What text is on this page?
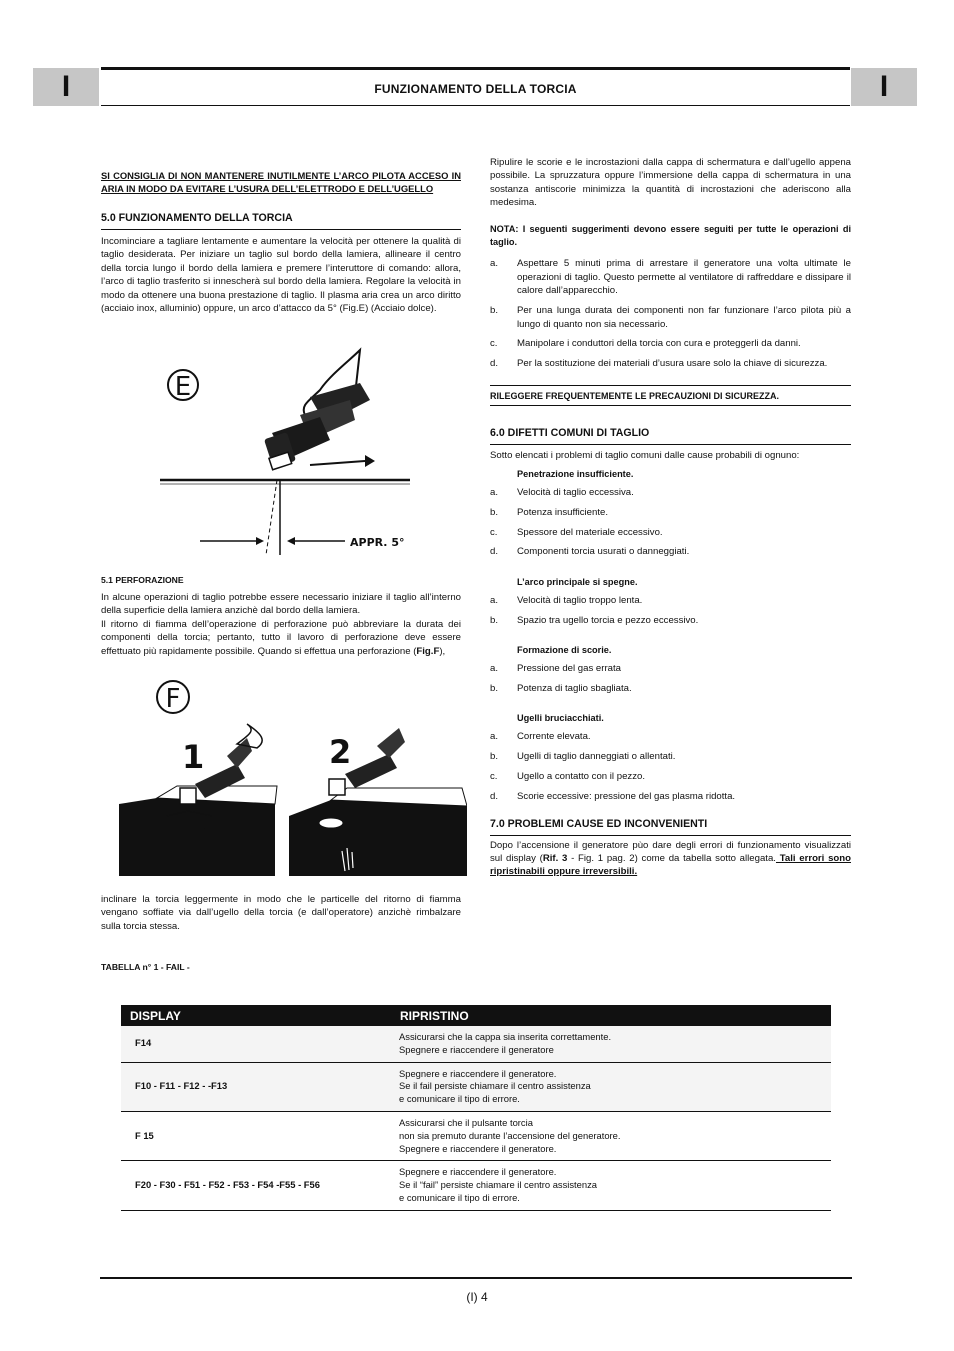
I	FUNZIONAMENTO DELLA TORCIA	I
SI CONSIGLIA DI NON MANTENERE INUTILMENTE L’ARCO PILOTA ACCESO IN ARIA IN MODO DA EVITARE L’USURA DELL’ELETTRODO E DELL’UGELLO
5.0 FUNZIONAMENTO DELLA TORCIA
Incominciare a tagliare lentamente e aumentare la velocità per ottenere la qualità di taglio desiderata. Per iniziare un taglio sul bordo della lamiera, allineare il centro della torcia lungo il bordo della lamiera e premere l’interuttore di comando: allora, l’arco di taglio trasferito si innescherà sul bordo della lamiera. Regolare la velocità in modo da ottenere una buona prestazione di taglio. Il plasma aria crea un arco diritto (acciaio inox, alluminio) oppure, un arco d’attacco da 5° (Fig.E) (Acciaio dolce).
E
APPR. 5°
5.1 PERFORAZIONE
In alcune operazioni di taglio potrebbe essere necessario iniziare il taglio all’interno della superficie della lamiera anzichè dal bordo della lamiera.
Il ritorno di fiamma dell’operazione di perforazione può abbreviare la durata dei componenti della torcia; pertanto, tutto il lavoro di perforazione deve essere effettuato più rapidamente possibile. Quando si effettua una perforazione (Fig.F),
F
1	2
inclinare la torcia leggermente in modo che le particelle del ritorno di fiamma vengano soffiate via dall’ugello della torcia (e dall’operatore) anzichè rimbalzare sulla torcia stessa.
TABELLA n° 1 - FAIL -
Ripulire le scorie e le incrostazioni dalla cappa di schermatura e dall’ugello appena possibile. La spruzzatura oppure l’immersione della cappa di schermatura in una sostanza antiscorie minimizza la quantità di incrostazioni che aderiscono alla medesima.
NOTA: I seguenti suggerimenti devono essere seguiti per tutte le operazioni di taglio.
a. Aspettare 5 minuti prima di arrestare il generatore una volta ultimate le operazioni di taglio. Questo permette al ventilatore di raffreddare e dissipare il calore dall’apparecchio.
b. Per una lunga durata dei componenti non far funzionare l’arco pilota più a lungo di quanto non sia necessario.
c. Manipolare i conduttori della torcia con cura e proteggerli da danni.
d. Per la sostituzione dei materiali d’usura usare solo la chiave di sicurezza.
RILEGGERE FREQUENTEMENTE LE PRECAUZIONI DI SICUREZZA.
6.0 DIFETTI COMUNI DI TAGLIO
Sotto elencati i problemi di taglio comuni dalle cause probabili di ognuno:
Penetrazione insufficiente.
a. Velocità di taglio eccessiva.
b. Potenza insufficiente.
c. Spessore del materiale eccessivo.
d. Componenti torcia usurati o danneggiati.
L’arco principale si spegne.
a. Velocità di taglio troppo lenta.
b. Spazio tra ugello torcia e pezzo eccessivo.
Formazione di scorie.
a. Pressione del gas errata
b. Potenza di taglio sbagliata.
Ugelli bruciacchiati.
a. Corrente elevata.
b. Ugelli di taglio danneggiati o allentati.
c. Ugello a contatto con il pezzo.
d. Scorie eccessive: pressione del gas plasma ridotta.
7.0 PROBLEMI CAUSE ED INCONVENIENTI
Dopo l’accensione il generatore pùo dare degli errori di funzionamento visualizzati sul display (Rif. 3 - Fig. 1 pag. 2) come da tabella sotto allegata. Tali errori sono ripristinabili oppure irreversibili.
DISPLAY	RIPRISTINO
F14	Assicurarsi che la cappa sia inserita correttamente.
Spegnere e riaccendere il generatore

F10 - F11 - F12 - -F13	Spegnere e riaccendere il generatore.
Se il fail persiste chiamare il centro assistenza
e comunicare il tipo di errore.

F 15	Assicurarsi che il pulsante torcia
non sia premuto durante l’accensione del generatore.
Spegnere e riaccendere il generatore.

F20 - F30 - F51 - F52 - F53 - F54 -F55 - F56	Spegnere e riaccendere il generatore.
Se il “fail” persiste chiamare il centro assistenza
e comunicare il tipo di errore.
(I) 4
